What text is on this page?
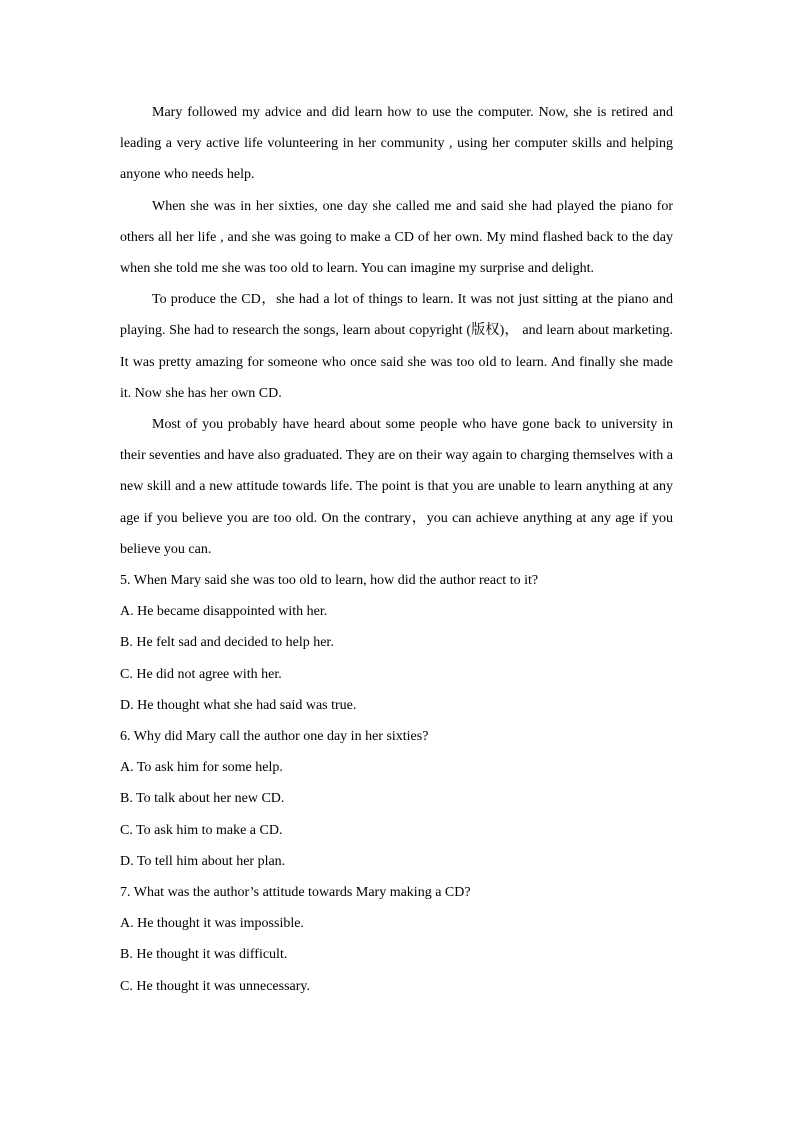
Mary followed my advice and did learn how to use the computer. Now, she is retired and leading a very active life volunteering in her community , using her computer skills and helping anyone who needs help.

When she was in her sixties, one day she called me and said she had played the piano for others all her life , and she was going to make a CD of her own. My mind flashed back to the day when she told me she was too old to learn. You can imagine my surprise and delight.

To produce the CD，she had a lot of things to learn. It was not just sitting at the piano and playing. She had to research the songs, learn about copyright (版权)， and learn about marketing. It was pretty amazing for someone who once said she was too old to learn. And finally she made it. Now she has her own CD.

Most of you probably have heard about some people who have gone back to university in their seventies and have also graduated. They are on their way again to charging themselves with a new skill and a new attitude towards life. The point is that you are unable to learn anything at any age if you believe you are too old. On the contrary，you can achieve anything at any age if you believe you can.

5. When Mary said she was too old to learn, how did the author react to it?

A. He became disappointed with her.

B. He felt sad and decided to help her.

C. He did not agree with her.

D. He thought what she had said was true.

6. Why did Mary call the author one day in her sixties?

A. To ask him for some help.

B. To talk about her new CD.

C. To ask him to make a CD.

D. To tell him about her plan.

7. What was the author’s attitude towards Mary making a CD?

A. He thought it was impossible.

B. He thought it was difficult.

C. He thought it was unnecessary.
